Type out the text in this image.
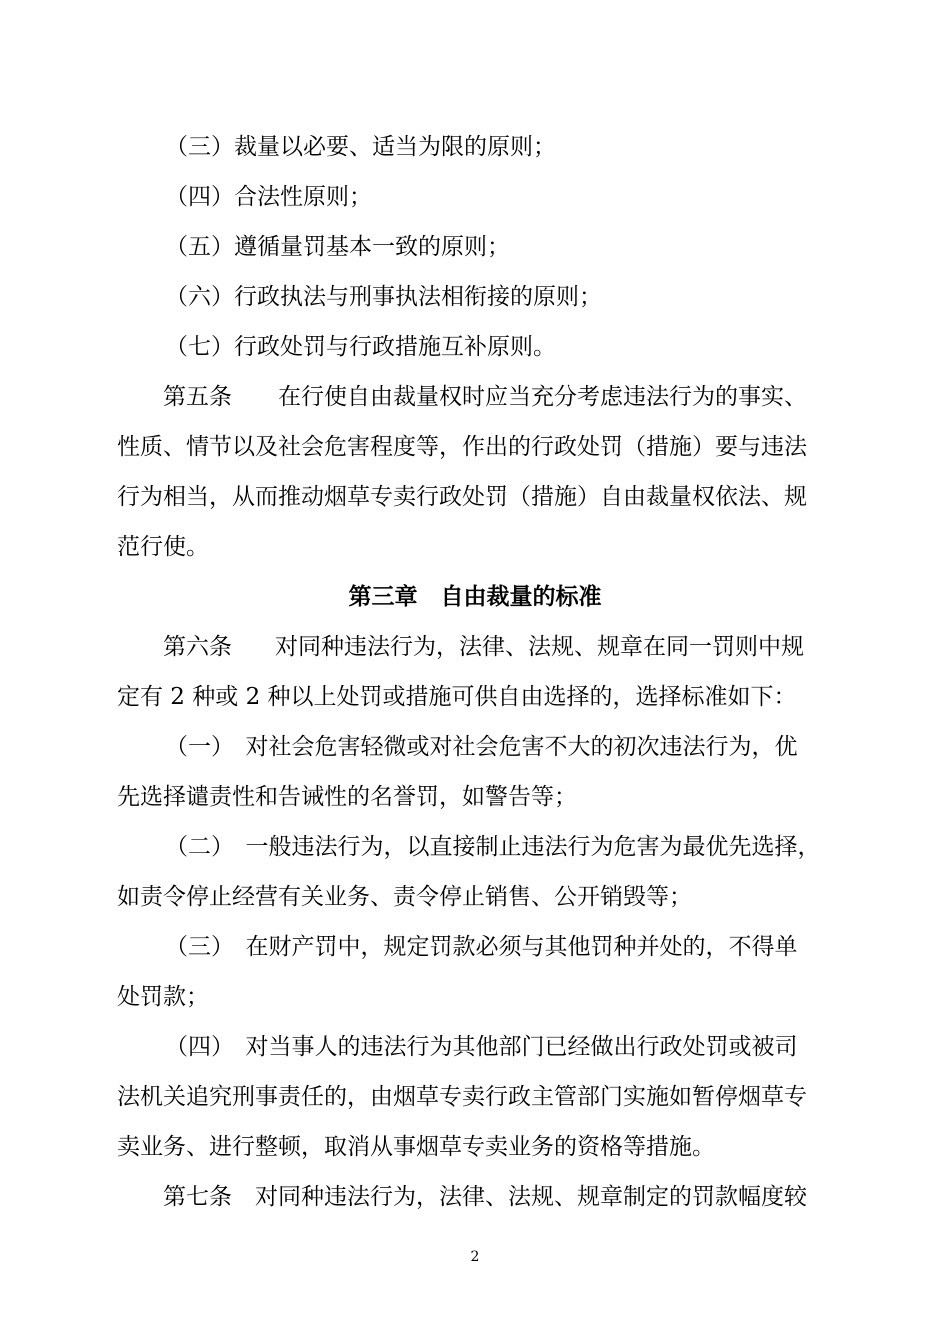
（三）裁量以必要、适当为限的原则；
（四）合法性原则；
（五）遵循量罚基本一致的原则；
（六）行政执法与刑事执法相衔接的原则；
（七）行政处罚与行政措施互补原则。
第五条　　在行使自由裁量权时应当充分考虑违法行为的事实、
性质、情节以及社会危害程度等，作出的行政处罚（措施）要与违法
行为相当，从而推动烟草专卖行政处罚（措施）自由裁量权依法、规
范行使。
第三章　自由裁量的标准
第六条 对同种违法行为，法律、法规、规章在同一罚则中规
定有 2 种或 2 种以上处罚或措施可供自由选择的，选择标准如下：
（一）　对社会危害轻微或对社会危害不大的初次违法行为，优
先选择谴责性和告诫性的名誉罚，如警告等；
（二）　一般违法行为，以直接制止违法行为危害为最优先选择，
如责令停止经营有关业务、责令停止销售、公开销毁等；
（三）　在财产罚中，规定罚款必须与其他罚种并处的，不得单
处罚款；
（四）　对当事人的违法行为其他部门已经做出行政处罚或被司
法机关追究刑事责任的，由烟草专卖行政主管部门实施如暂停烟草专
卖业务、进行整顿，取消从事烟草专卖业务的资格等措施。
第七条　对同种违法行为，法律、法规、规章制定的罚款幅度较
2
